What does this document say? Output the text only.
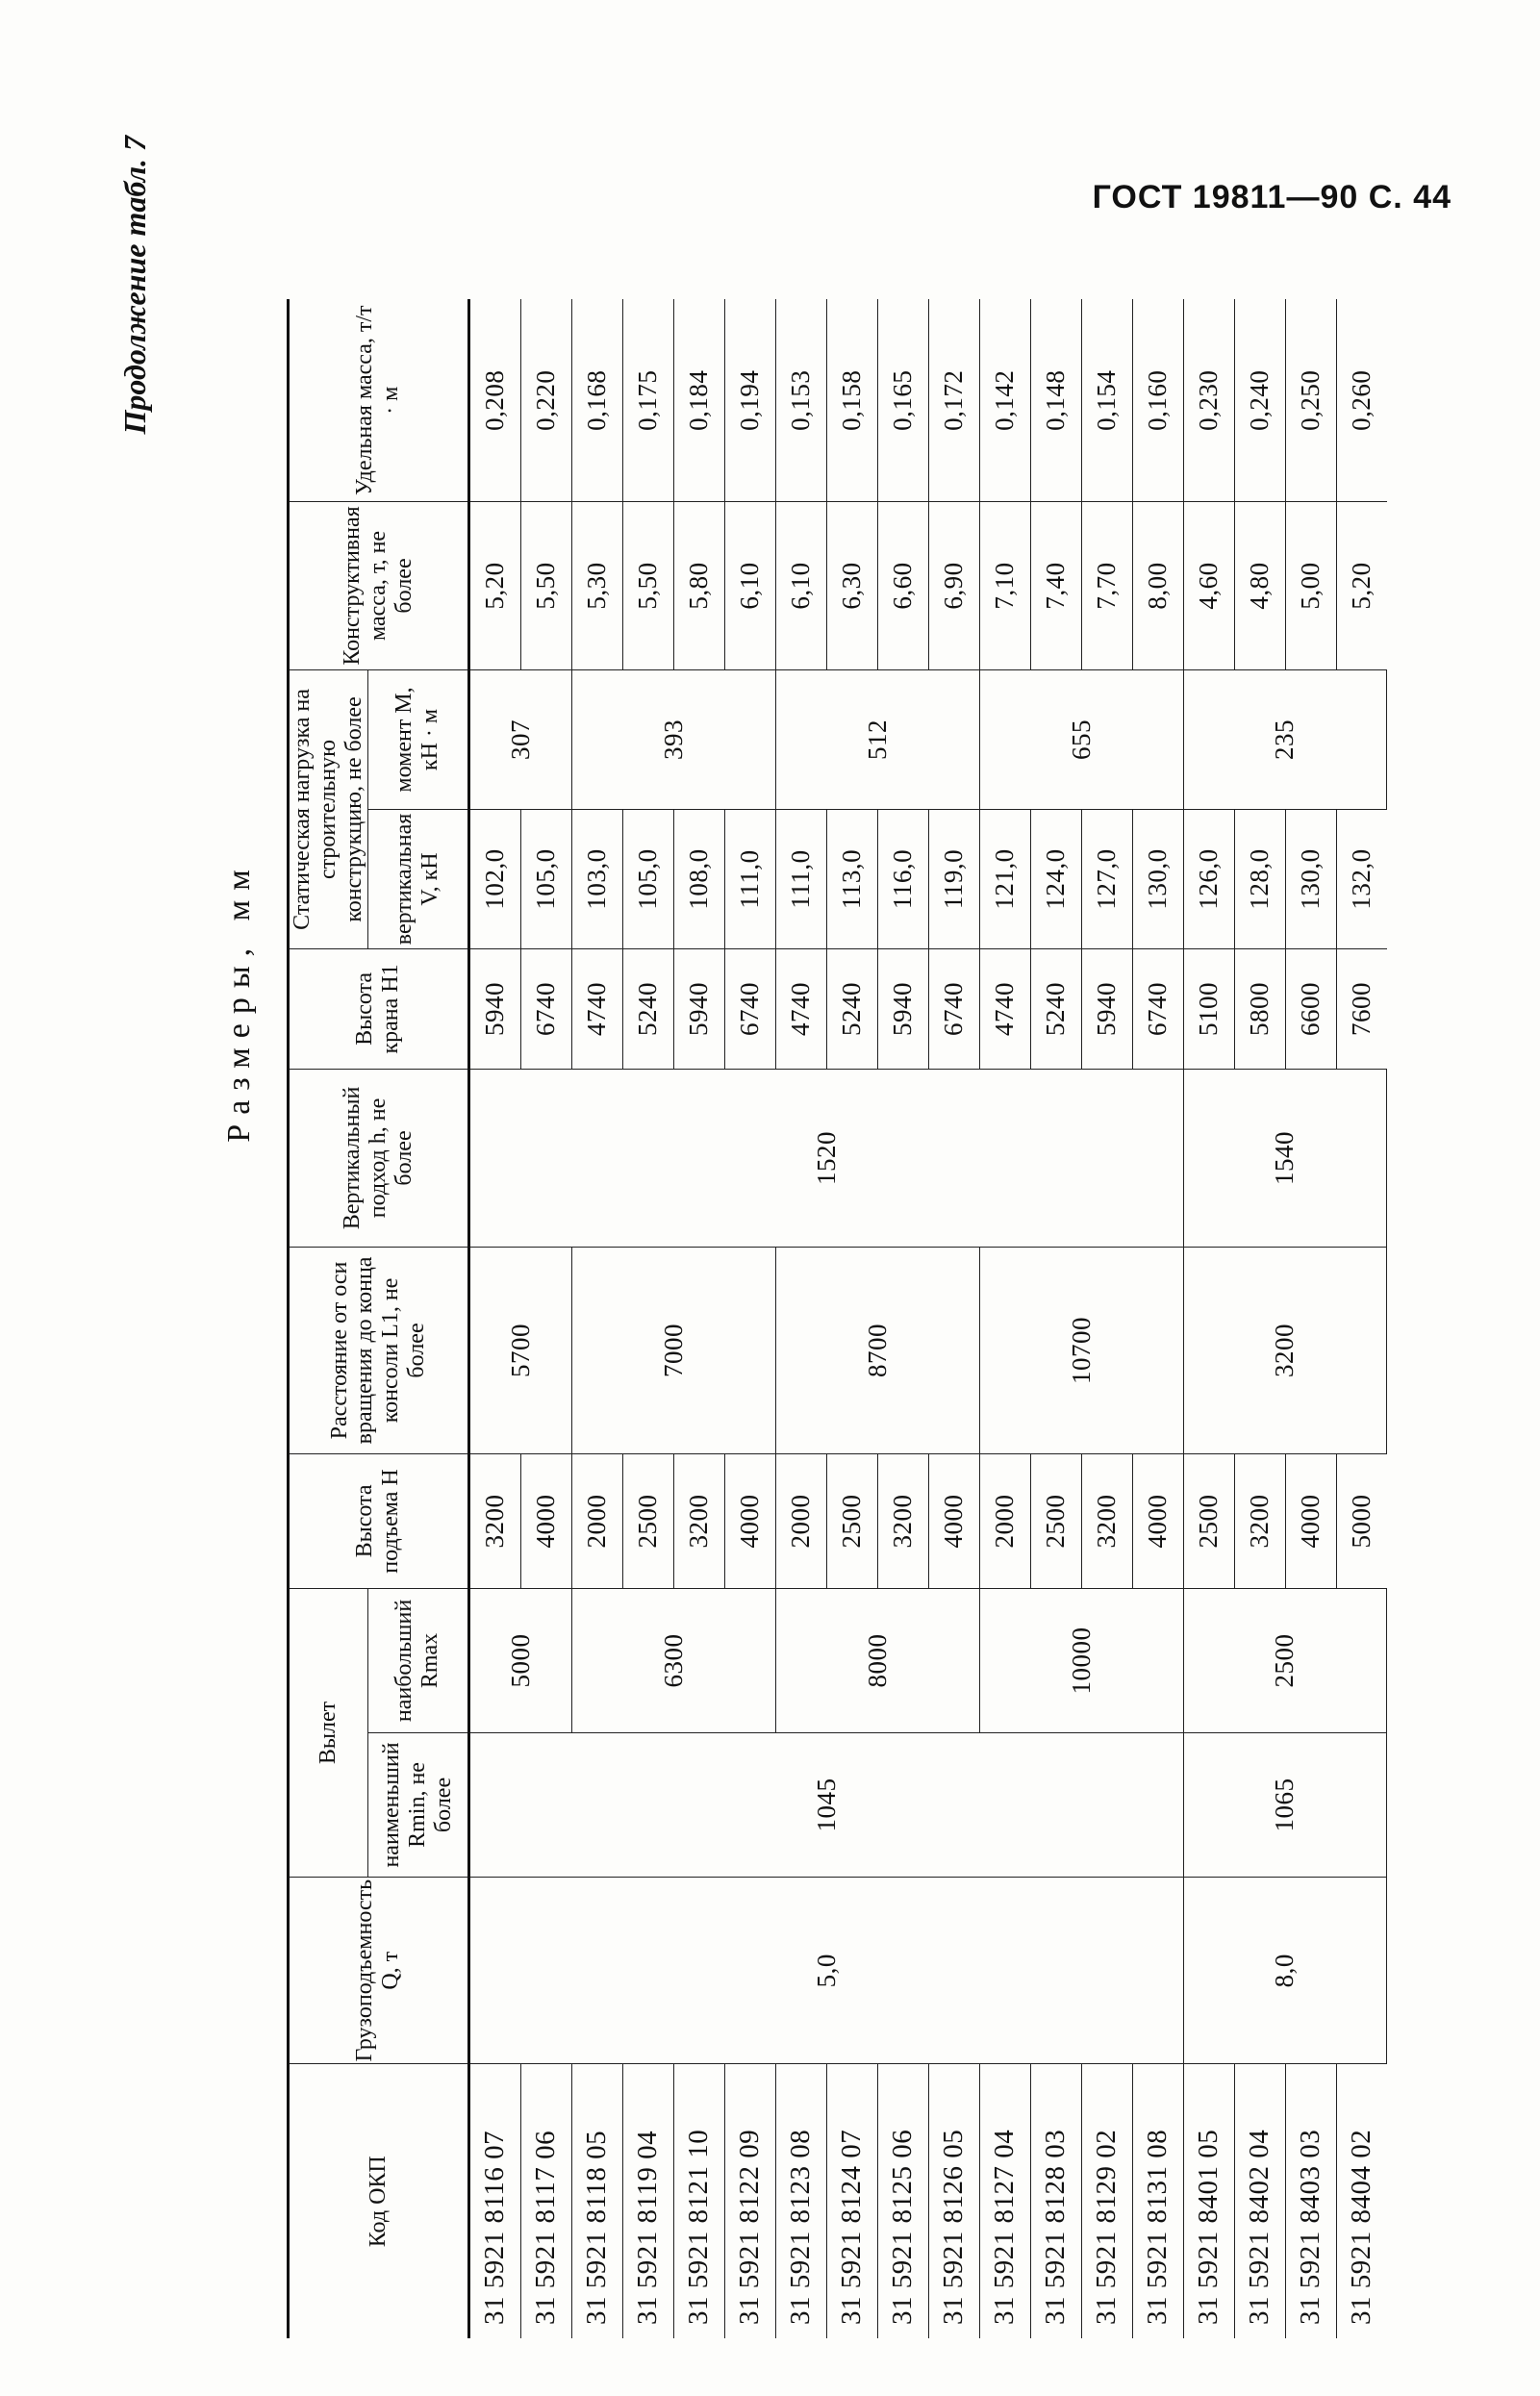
ГОСТ 19811—90 С. 44
Продолжение табл. 7
Размеры, мм
Код ОКП	Грузоподъемность Q, т	Вылет		Высота подъема H	Расстояние от оси вращения до конца консоли L1, не более	Вертикальный подход h, не более	Высота крана H1	Статическая нагрузка на строительную конструкцию, не более		Конструктивная масса, т, не более	Удельная масса, т/т · м
		наименьший Rmin, не более	наибольший Rmax					вертикальная V, кН	момент M, кН · м		
31 5921 8116 07	5,0	1045	5000	3200	5700	1520	5940	102,0	307	5,20	0,208
31 5921 8117 06				4000			6740	105,0		5,50	0,220
31 5921 8118 05			6300	2000	7000		4740	103,0	393	5,30	0,168
31 5921 8119 04				2500			5240	105,0		5,50	0,175
31 5921 8121 10				3200			5940	108,0		5,80	0,184
31 5921 8122 09				4000			6740	111,0		6,10	0,194
31 5921 8123 08			8000	2000	8700		4740	111,0	512	6,10	0,153
31 5921 8124 07				2500			5240	113,0		6,30	0,158
31 5921 8125 06				3200			5940	116,0		6,60	0,165
31 5921 8126 05				4000			6740	119,0		6,90	0,172
31 5921 8127 04			10000	2000	10700		4740	121,0	655	7,10	0,142
31 5921 8128 03				2500			5240	124,0		7,40	0,148
31 5921 8129 02				3200			5940	127,0		7,70	0,154
31 5921 8131 08				4000			6740	130,0		8,00	0,160
31 5921 8401 05	8,0	1065	2500	2500	3200	1540	5100	126,0	235	4,60	0,230
31 5921 8402 04				3200			5800	128,0		4,80	0,240
31 5921 8403 03				4000			6600	130,0		5,00	0,250
31 5921 8404 02				5000			7600	132,0		5,20	0,260
